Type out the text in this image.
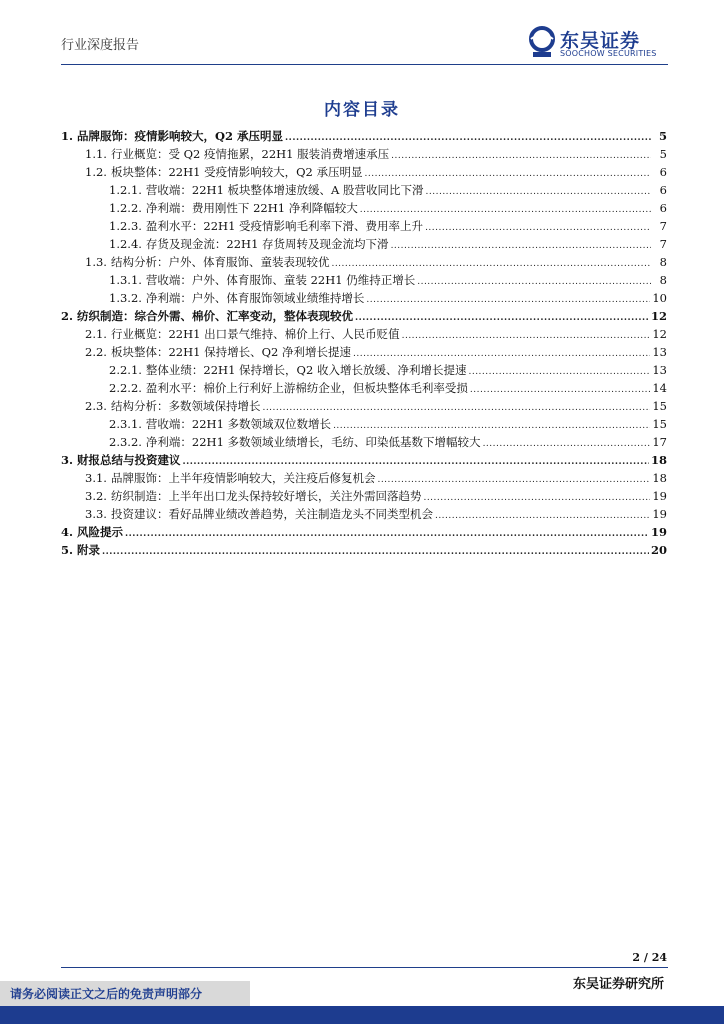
行业深度报告	东吴证券
SOOCHOW SECURITIES
内容目录
1. 品牌服饰：疫情影响较大，Q2 承压明显 .....	5
1.1. 行业概览：受 Q2 疫情拖累，22H1 服装消费增速承压 .....	5
1.2. 板块整体：22H1 受疫情影响较大，Q2 承压明显 .....	6
1.2.1. 营收端：22H1 板块整体增速放缓、A 股营收同比下滑 .....	6
1.2.2. 净利端：费用刚性下 22H1 净利降幅较大 .....	6
1.2.3. 盈利水平：22H1 受疫情影响毛利率下滑、费用率上升 .....	7
1.2.4. 存货及现金流：22H1 存货周转及现金流均下滑 .....	7
1.3. 结构分析：户外、体育服饰、童装表现较优 .....	8
1.3.1. 营收端：户外、体育服饰、童装 22H1 仍维持正增长 .....	8
1.3.2. 净利端：户外、体育服饰领域业绩维持增长 .....	10
2. 纺织制造：综合外需、棉价、汇率变动，整体表现较优 .....	12
2.1. 行业概览：22H1 出口景气维持、棉价上行、人民币贬值 .....	12
2.2. 板块整体：22H1 保持增长、Q2 净利增长提速 .....	13
2.2.1. 整体业绩：22H1 保持增长，Q2 收入增长放缓、净利增长提速 .....	13
2.2.2. 盈利水平：棉价上行利好上游棉纺企业，但板块整体毛利率受损 .....	14
2.3. 结构分析：多数领域保持增长 .....	15
2.3.1. 营收端：22H1 多数领域双位数增长 .....	15
2.3.2. 净利端：22H1 多数领域业绩增长，毛纺、印染低基数下增幅较大 .....	17
3. 财报总结与投资建议 .....	18
3.1. 品牌服饰：上半年疫情影响较大，关注疫后修复机会 .....	18
3.2. 纺织制造：上半年出口龙头保持较好增长，关注外需回落趋势 .....	19
3.3. 投资建议：看好品牌业绩改善趋势，关注制造龙头不同类型机会 .....	19
4. 风险提示 .....	19
5. 附录 .....	20
2 / 24
东吴证券研究所
请务必阅读正文之后的免责声明部分
